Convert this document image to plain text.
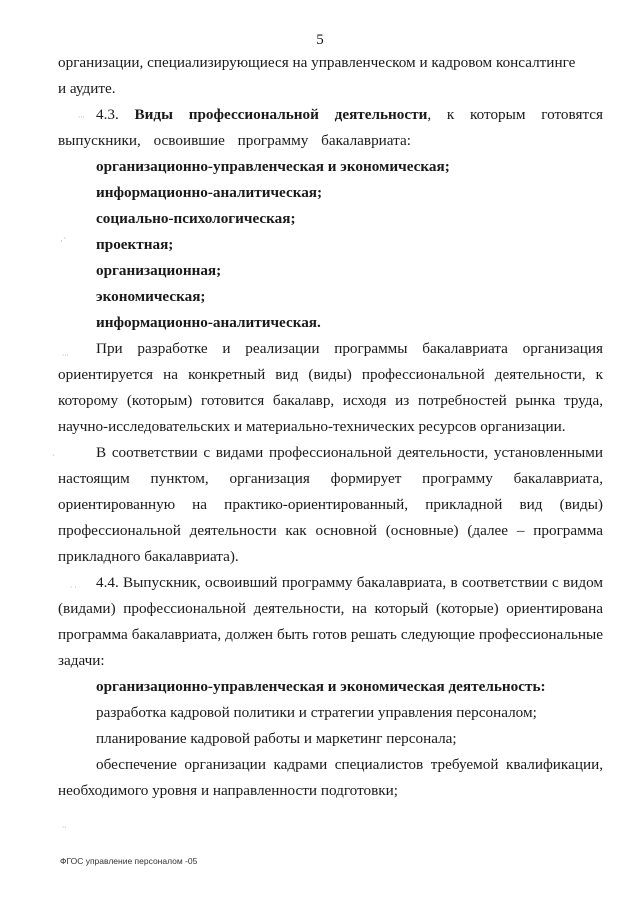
5

организации, специализирующиеся на управленческом и кадровом консалтинге

и аудите.

4.3. Виды профессиональной деятельности, к которым готовятся выпускники, освоившие программу бакалавриата:

организационно-управленческая и экономическая;

информационно-аналитическая;

социально-психологическая;

проектная;

организационная;

экономическая;

информационно-аналитическая.

При разработке и реализации программы бакалавриата организация ориентируется на конкретный вид (виды) профессиональной деятельности, к которому (которым) готовится бакалавр, исходя из потребностей рынка труда, научно-исследовательских и материально-технических ресурсов организации.

В соответствии с видами профессиональной деятельности, установленными настоящим пунктом, организация формирует программу бакалавриата, ориентированную на практико-ориентированный, прикладной вид (виды) профессиональной деятельности как основной (основные) (далее – программа прикладного бакалавриата).

4.4. Выпускник, освоивший программу бакалавриата, в соответствии с видом (видами) профессиональной деятельности, на который (которые) ориентирована программа бакалавриата, должен быть готов решать следующие профессиональные задачи:

организационно-управленческая и экономическая деятельность:

разработка кадровой политики и стратегии управления персоналом;

планирование кадровой работы и маркетинг персонала;

обеспечение организации кадрами специалистов требуемой квалификации, необходимого уровня и направленности подготовки;

∙∙∙
·ˊ
∙∙∙
ˏ
∙ ∙
∙∙
ФГОС управление персоналом -05
